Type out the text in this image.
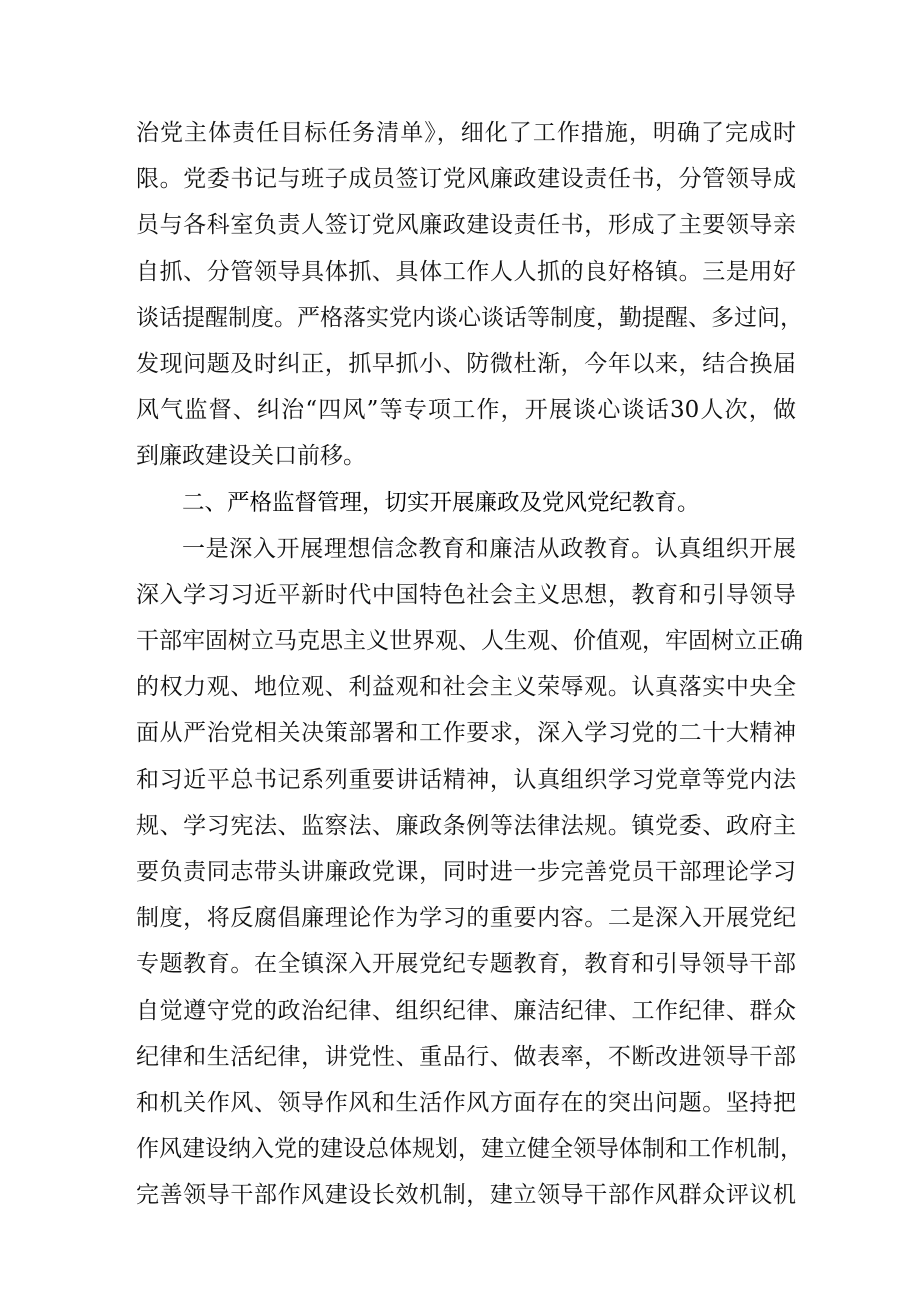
治党主体责任目标任务清单》，细化了工作措施，明确了完成时
限。党委书记与班子成员签订党风廉政建设责任书，分管领导成
员与各科室负责人签订党风廉政建设责任书，形成了主要领导亲
自抓、分管领导具体抓、具体工作人人抓的良好格镇。三是用好
谈话提醒制度。严格落实党内谈心谈话等制度，勤提醒、多过问，
发现问题及时纠正，抓早抓小、防微杜渐，今年以来，结合换届
风气监督、纠治“四风”等专项工作，开展谈心谈话30人次，做
到廉政建设关口前移。
二、严格监督管理，切实开展廉政及党风党纪教育。
一是深入开展理想信念教育和廉洁从政教育。认真组织开展
深入学习习近平新时代中国特色社会主义思想，教育和引导领导
干部牢固树立马克思主义世界观、人生观、价值观，牢固树立正确
的权力观、地位观、利益观和社会主义荣辱观。认真落实中央全
面从严治党相关决策部署和工作要求，深入学习党的二十大精神
和习近平总书记系列重要讲话精神，认真组织学习党章等党内法
规、学习宪法、监察法、廉政条例等法律法规。镇党委、政府主
要负责同志带头讲廉政党课，同时进一步完善党员干部理论学习
制度，将反腐倡廉理论作为学习的重要内容。二是深入开展党纪
专题教育。在全镇深入开展党纪专题教育，教育和引导领导干部
自觉遵守党的政治纪律、组织纪律、廉洁纪律、工作纪律、群众
纪律和生活纪律，讲党性、重品行、做表率，不断改进领导干部
和机关作风、领导作风和生活作风方面存在的突出问题。坚持把
作风建设纳入党的建设总体规划，建立健全领导体制和工作机制，
完善领导干部作风建设长效机制，建立领导干部作风群众评议机
